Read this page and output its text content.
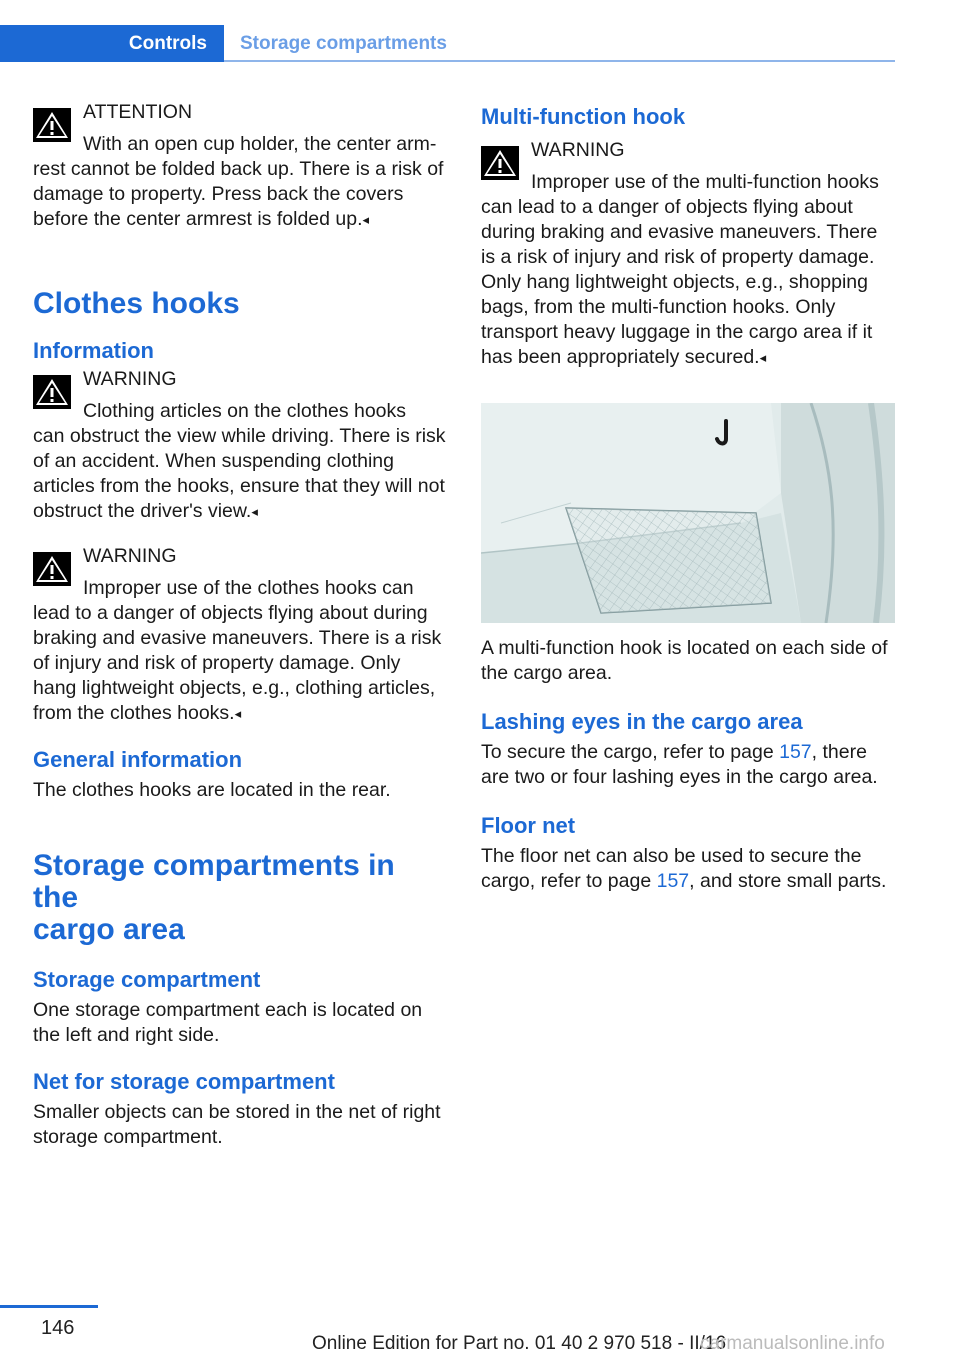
Controls	Storage compartments
ATTENTION
With an open cup holder, the center arm-

rest cannot be folded back up. There is a risk of damage to property. Press back the covers before the center armrest is folded up.◂

Clothes hooks
Information
WARNING
Clothing articles on the clothes hooks

can obstruct the view while driving. There is risk of an accident. When suspending clothing articles from the hooks, ensure that they will not obstruct the driver's view.◂

WARNING
Improper use of the clothes hooks can

lead to a danger of objects flying about during braking and evasive maneuvers. There is a risk of injury and risk of property damage. Only hang lightweight objects, e.g., clothing articles, from the clothes hooks.◂

General information

The clothes hooks are located in the rear.

Storage compartments in the
cargo area
Storage compartment

One storage compartment each is located on the left and right side.

Net for storage compartment

Smaller objects can be stored in the net of right storage compartment.

Multi-function hook
WARNING
Improper use of the multi-function hooks

can lead to a danger of objects flying about during braking and evasive maneuvers. There is a risk of injury and risk of property damage. Only hang lightweight objects, e.g., shopping bags, from the multi-function hooks. Only transport heavy luggage in the cargo area if it has been appropriately secured.◂

A multi-function hook is located on each side of the cargo area.

Lashing eyes in the cargo area

To secure the cargo, refer to page 157, there are two or four lashing eyes in the cargo area.

Floor net

The floor net can also be used to secure the cargo, refer to page 157, and store small parts.

146
Online Edition for Part no. 01 40 2 970 518 - II/16
carmanualsonline.info
